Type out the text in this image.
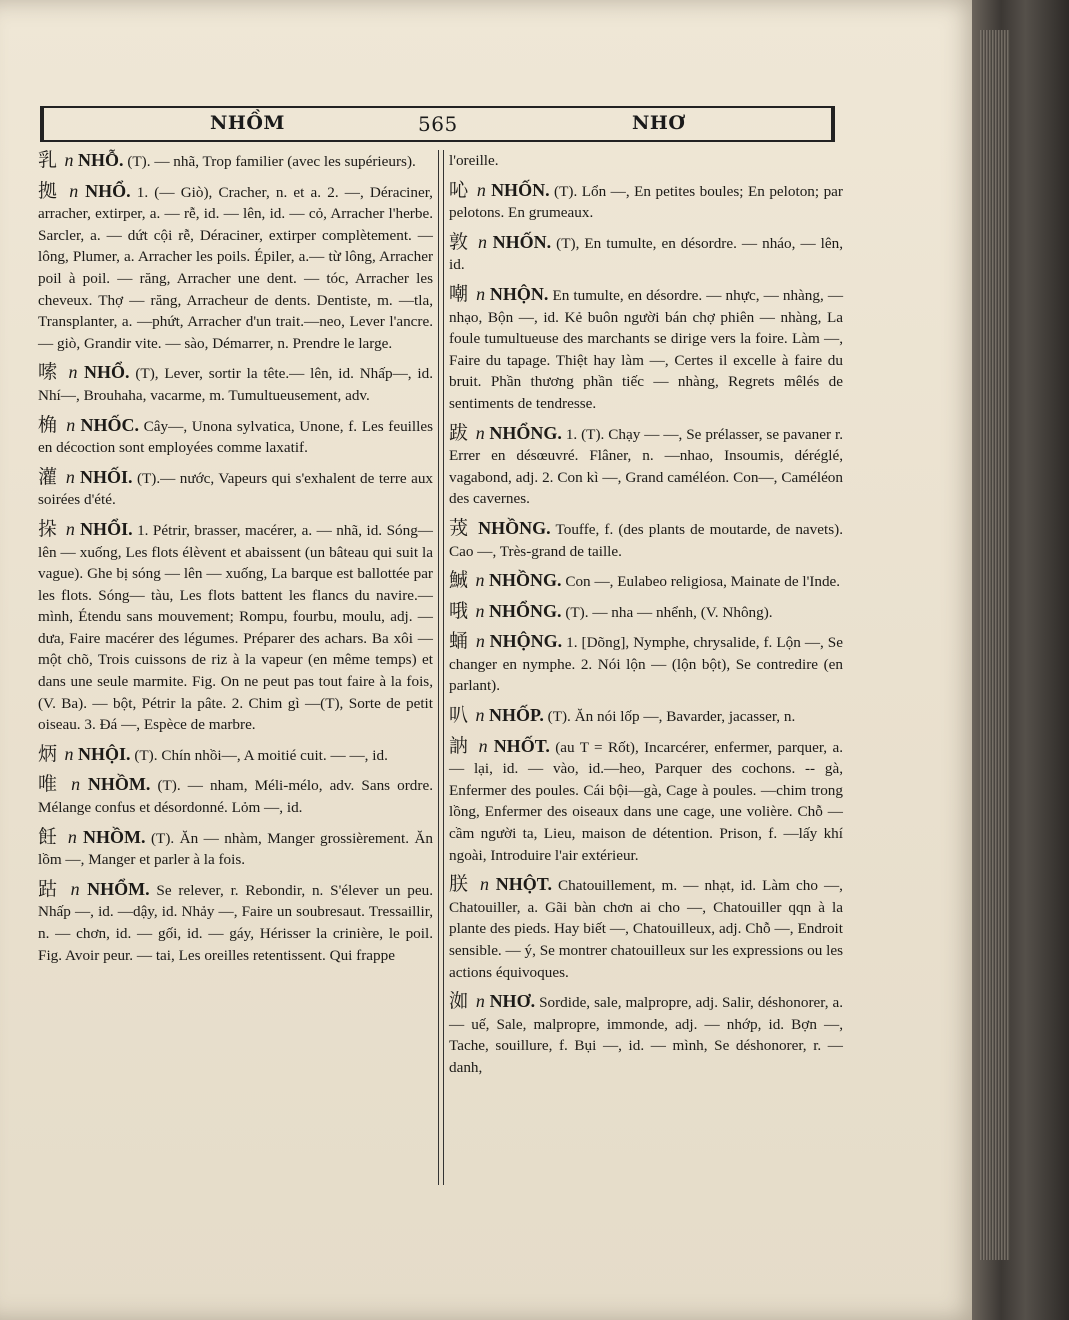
NHỒM	565	NHƠ
乳 n NHỖ. (T). — nhã, Trop familier (avec les supérieurs).
拠 n NHỔ. 1. (— Giò), Cracher, n. et a. 2. —, Déraciner, arracher, extirper, a. — rễ, id. — lên, id. — cỏ, Arracher l'herbe. Sarcler, a. — dứt cội rễ, Déraciner, extirper complètement. — lông, Plumer, a. Arracher les poils. Épiler, a.— từ lông, Arracher poil à poil. — răng, Arracher une dent. — tóc, Arracher les cheveux. Thợ — răng, Arracheur de dents. Dentiste, m. —tla, Transplanter, a. —phứt, Arracher d'un trait.—neo, Lever l'ancre. — giò, Grandir vite. — sào, Démarrer, n. Prendre le large.
嗦 n NHỔ. (T), Lever, sortir la tête.— lên, id. Nhấp—, id. Nhí—, Brouhaha, vacarme, m. Tumultueusement, adv.
桷 n NHỐC. Cây—, Unona sylvatica, Unone, f. Les feuilles en décoction sont employées comme laxatif.
灌 n NHỐI. (T).— nước, Vapeurs qui s'exhalent de terre aux soirées d'été.
挆 n NHỔI. 1. Pétrir, brasser, macérer, a. — nhã, id. Sóng— lên — xuống, Les flots élèvent et abaissent (un bâteau qui suit la vague). Ghe bị sóng — lên — xuống, La barque est ballottée par les flots. Sóng— tàu, Les flots battent les flancs du navire.— mình, Étendu sans mouvement; Rompu, fourbu, moulu, adj. — dưa, Faire macérer des légumes. Préparer des achars. Ba xôi — một chõ, Trois cuissons de riz à la vapeur (en même temps) et dans une seule marmite. Fig. On ne peut pas tout faire à la fois, (V. Ba). — bột, Pétrir la pâte. 2. Chim gì —(T), Sorte de petit oiseau. 3. Đá —, Espèce de marbre.
炳 n NHỘI. (T). Chín nhồi—, A moitié cuit. — —, id.
唯 n NHỒM. (T). — nham, Méli-mélo, adv. Sans ordre. Mélange confus et désordonné. Lỏm —, id.
飪 n NHỒM. (T). Ăn — nhàm, Manger grossièrement. Ăn lồm —, Manger et parler à la fois.
跍 n NHỔM. Se relever, r. Rebondir, n. S'élever un peu. Nhấp —, id. —dậy, id. Nhảy —, Faire un soubresaut. Tressaillir, n. — chơn, id. — gối, id. — gáy, Hérisser la crinière, le poil. Fig. Avoir peur. — tai, Les oreilles retentissent. Qui frappe
l'oreille.
吣 n NHỐN. (T). Lổn —, En petites boules; En peloton; par pelotons. En grumeaux.
敦 n NHỐN. (T), En tumulte, en désordre. — nháo, — lên, id.
嘲 n NHỘN. En tumulte, en désordre. — nhực, — nhàng, — nhạo, Bộn —, id. Kẻ buôn người bán chợ phiên — nhàng, La foule tumultueuse des marchants se dirige vers la foire. Làm —, Faire du tapage. Thiệt hay làm —, Certes il excelle à faire du bruit. Phần thương phần tiếc — nhàng, Regrets mêlés de sentiments de tendresse.
跋 n NHỔNG. 1. (T). Chạy — —, Se prélasser, se pavaner r. Errer en désœuvré. Flâner, n. —nhao, Insoumis, déréglé, vagabond, adj. 2. Con kì —, Grand caméléon. Con—, Caméléon des cavernes.
茙 NHỒNG. Touffe, f. (des plants de moutarde, de navets). Cao —, Très-grand de taille.
鯎 n NHỒNG. Con —, Eulabeo religiosa, Mainate de l'Inde.
哦 n NHỔNG. (T). — nha — nhểnh, (V. Nhông).
蛹 n NHỘNG. 1. [Dõng], Nymphe, chrysalide, f. Lộn —, Se changer en nymphe. 2. Nói lộn — (lộn bột), Se contredire (en parlant).
叭 n NHỐP. (T). Ăn nói lốp —, Bavarder, jacasser, n.
訥 n NHỐT. (au T = Rốt), Incarcérer, enfermer, parquer, a. — lại, id. — vào, id.—heo, Parquer des cochons. -- gà, Enfermer des poules. Cái bội—gà, Cage à poules. —chim trong lồng, Enfermer des oiseaux dans une cage, une volière. Chỗ — cầm người ta, Lieu, maison de détention. Prison, f. —lấy khí ngoài, Introduire l'air extérieur.
朕 n NHỘT. Chatouillement, m. — nhạt, id. Làm cho —, Chatouiller, a. Gãi bàn chơn ai cho —, Chatouiller qqn à la plante des pieds. Hay biết —, Chatouilleux, adj. Chỗ —, Endroit sensible. — ý, Se montrer chatouilleux sur les expressions ou les actions équivoques.
洳 n NHƠ. Sordide, sale, malpropre, adj. Salir, déshonorer, a. — uế, Sale, malpropre, immonde, adj. — nhớp, id. Bợn —, Tache, souillure, f. Bụi —, id. — mình, Se déshonorer, r. — danh,
